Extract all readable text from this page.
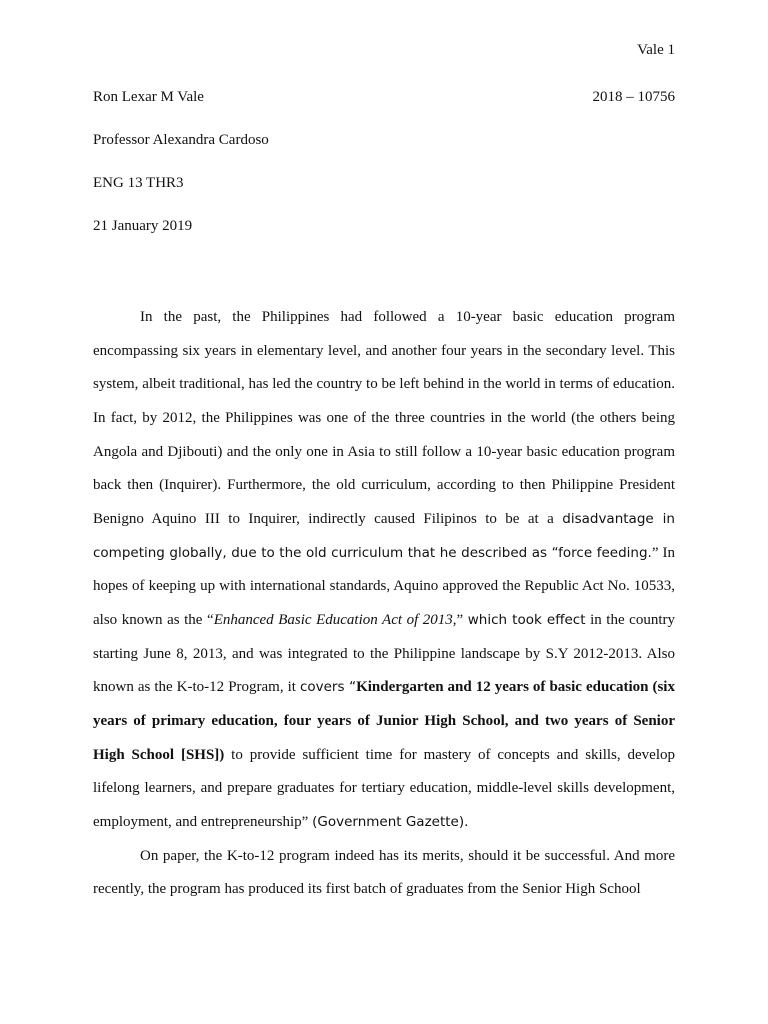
Vale 1
Ron Lexar M Vale	2018 – 10756
Professor Alexandra Cardoso
ENG 13 THR3
21 January 2019

In the past, the Philippines had followed a 10-year basic education program encompassing six years in elementary level, and another four years in the secondary level. This system, albeit traditional, has led the country to be left behind in the world in terms of education. In fact, by 2012, the Philippines was one of the three countries in the world (the others being Angola and Djibouti) and the only one in Asia to still follow a 10-year basic education program back then (Inquirer). Furthermore, the old curriculum, according to then Philippine President Benigno Aquino III to Inquirer, indirectly caused Filipinos to be at a disadvantage in competing globally, due to the old curriculum that he described as “force feeding.” In hopes of keeping up with international standards, Aquino approved the Republic Act No. 10533, also known as the “Enhanced Basic Education Act of 2013,” which took effect in the country starting June 8, 2013, and was integrated to the Philippine landscape by S.Y 2012-2013. Also known as the K-to-12 Program, it covers “Kindergarten and 12 years of basic education (six years of primary education, four years of Junior High School, and two years of Senior High School [SHS]) to provide sufficient time for mastery of concepts and skills, develop lifelong learners, and prepare graduates for tertiary education, middle-level skills development, employment, and entrepreneurship” (Government Gazette).

On paper, the K-to-12 program indeed has its merits, should it be successful. And more recently, the program has produced its first batch of graduates from the Senior High School
